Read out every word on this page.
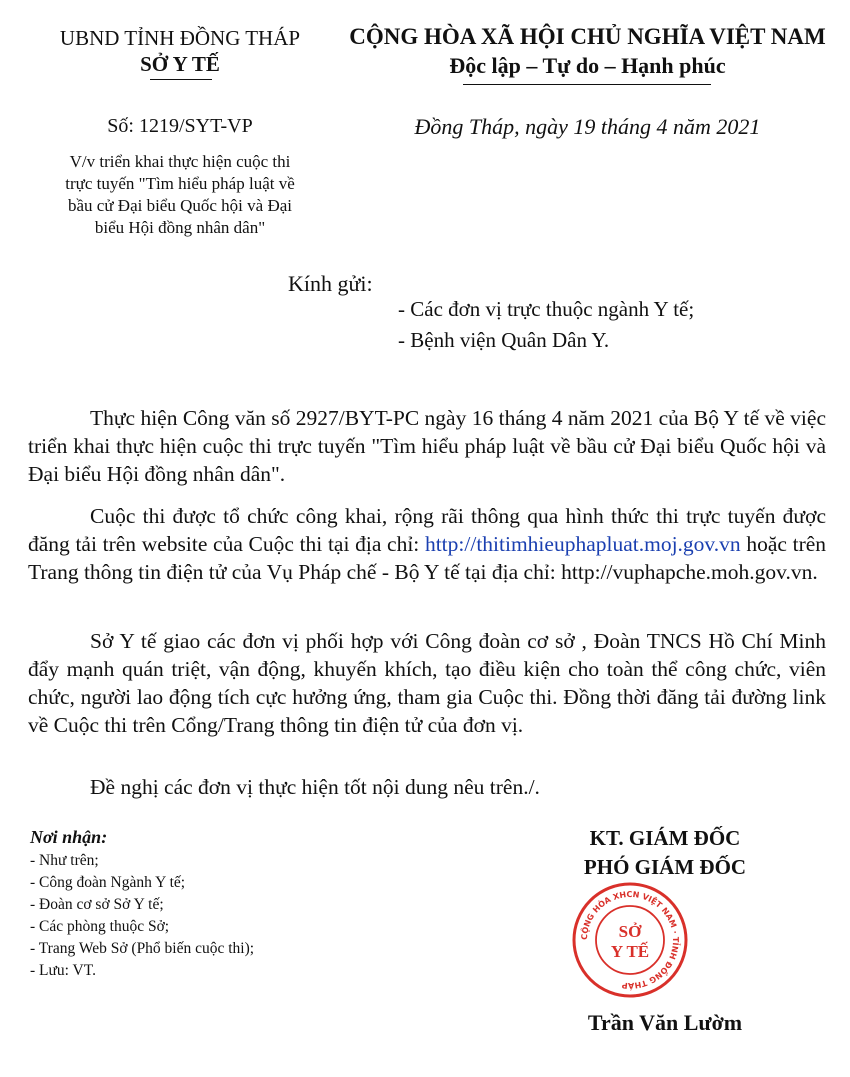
UBND TỈNH ĐỒNG THÁP
SỞ Y TẾ
CỘNG HÒA XÃ HỘI CHỦ NGHĨA VIỆT NAM
Độc lập – Tự do – Hạnh phúc
Số: 1219/SYT-VP	Đồng Tháp, ngày 19 tháng 4 năm 2021
V/v triển khai thực hiện cuộc thi
trực tuyến "Tìm hiểu pháp luật về
bầu cử Đại biểu Quốc hội và Đại
biểu Hội đồng nhân dân"
Kính gửi:
- Các đơn vị trực thuộc ngành Y tế;
- Bệnh viện Quân Dân Y.
Thực hiện Công văn số 2927/BYT-PC ngày 16 tháng 4 năm 2021 của Bộ Y tế về việc triển khai thực hiện cuộc thi trực tuyến "Tìm hiểu pháp luật về bầu cử Đại biểu Quốc hội và Đại biểu Hội đồng nhân dân".
Cuộc thi được tổ chức công khai, rộng rãi thông qua hình thức thi trực tuyến được đăng tải trên website của Cuộc thi tại địa chỉ: http://thitimhieuphapluat.moj.gov.vn hoặc trên Trang thông tin điện tử của Vụ Pháp chế - Bộ Y tế tại địa chỉ: http://vuphapche.moh.gov.vn.
Sở Y tế giao các đơn vị phối hợp với Công đoàn cơ sở , Đoàn TNCS Hồ Chí Minh đẩy mạnh quán triệt, vận động, khuyến khích, tạo điều kiện cho toàn thể công chức, viên chức, người lao động tích cực hưởng ứng, tham gia Cuộc thi. Đồng thời đăng tải đường link về Cuộc thi trên Cổng/Trang thông tin điện tử của đơn vị.
Đề nghị các đơn vị thực hiện tốt nội dung nêu trên./.
Nơi nhận:
- Như trên;
- Công đoàn Ngành Y tế;
- Đoàn cơ sở Sở Y tế;
- Các phòng thuộc Sở;
- Trang Web Sở (Phổ biến cuộc thi);
- Lưu: VT.
KT. GIÁM ĐỐC
PHÓ GIÁM ĐỐC
CỘNG HÒA XHCN VIỆT NAM · TỈNH ĐỒNG THÁP
SỞ
Y TẾ
Trần Văn Lườm
